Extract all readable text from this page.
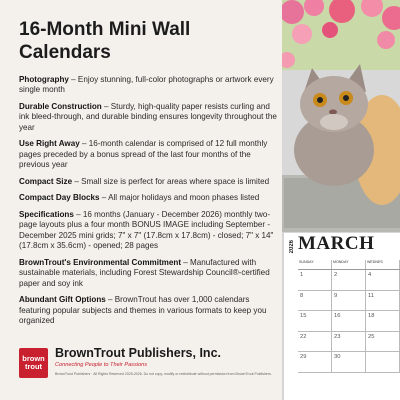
16-Month Mini Wall Calendars
Photography – Enjoy stunning, full-color photographs or artwork every single month
Durable Construction – Sturdy, high-quality paper resists curling and ink bleed-through, and durable binding ensures longevity throughout the year
Use Right Away – 16-month calendar is comprised of 12 full monthly pages preceded by a bonus spread of the last four months of the previous year
Compact Size – Small size is perfect for areas where space is limited
Compact Day Blocks – All major holidays and moon phases listed
Specifications – 16 months (January - December 2026) monthly two-page layouts plus a four month BONUS IMAGE including September - December 2025 mini grids; 7" x 7" (17.8cm x 17.8cm) - closed; 7" x 14" (17.8cm x 35.6cm) - opened; 28 pages
BrownTrout's Environmental Commitment – Manufactured with sustainable materials, including Forest Stewardship Council®-certified paper and soy ink
Abundant Gift Options – BrownTrout has over 1,000 calendars featuring popular subjects and themes in various formats to keep you organized
brown
trout
BrownTrout Publishers, Inc.
Connecting People to Their Passions
BrownTrout Publishers · All Rights Reserved 2025-2026. Do not copy, modify or redistribute without permission from BrownTrout Publishers.
2026 MARCH
SUNDAY	MONDAY	WEDNES
1	2	4
8	9	11
15	16	18
22	23	25
29	30
